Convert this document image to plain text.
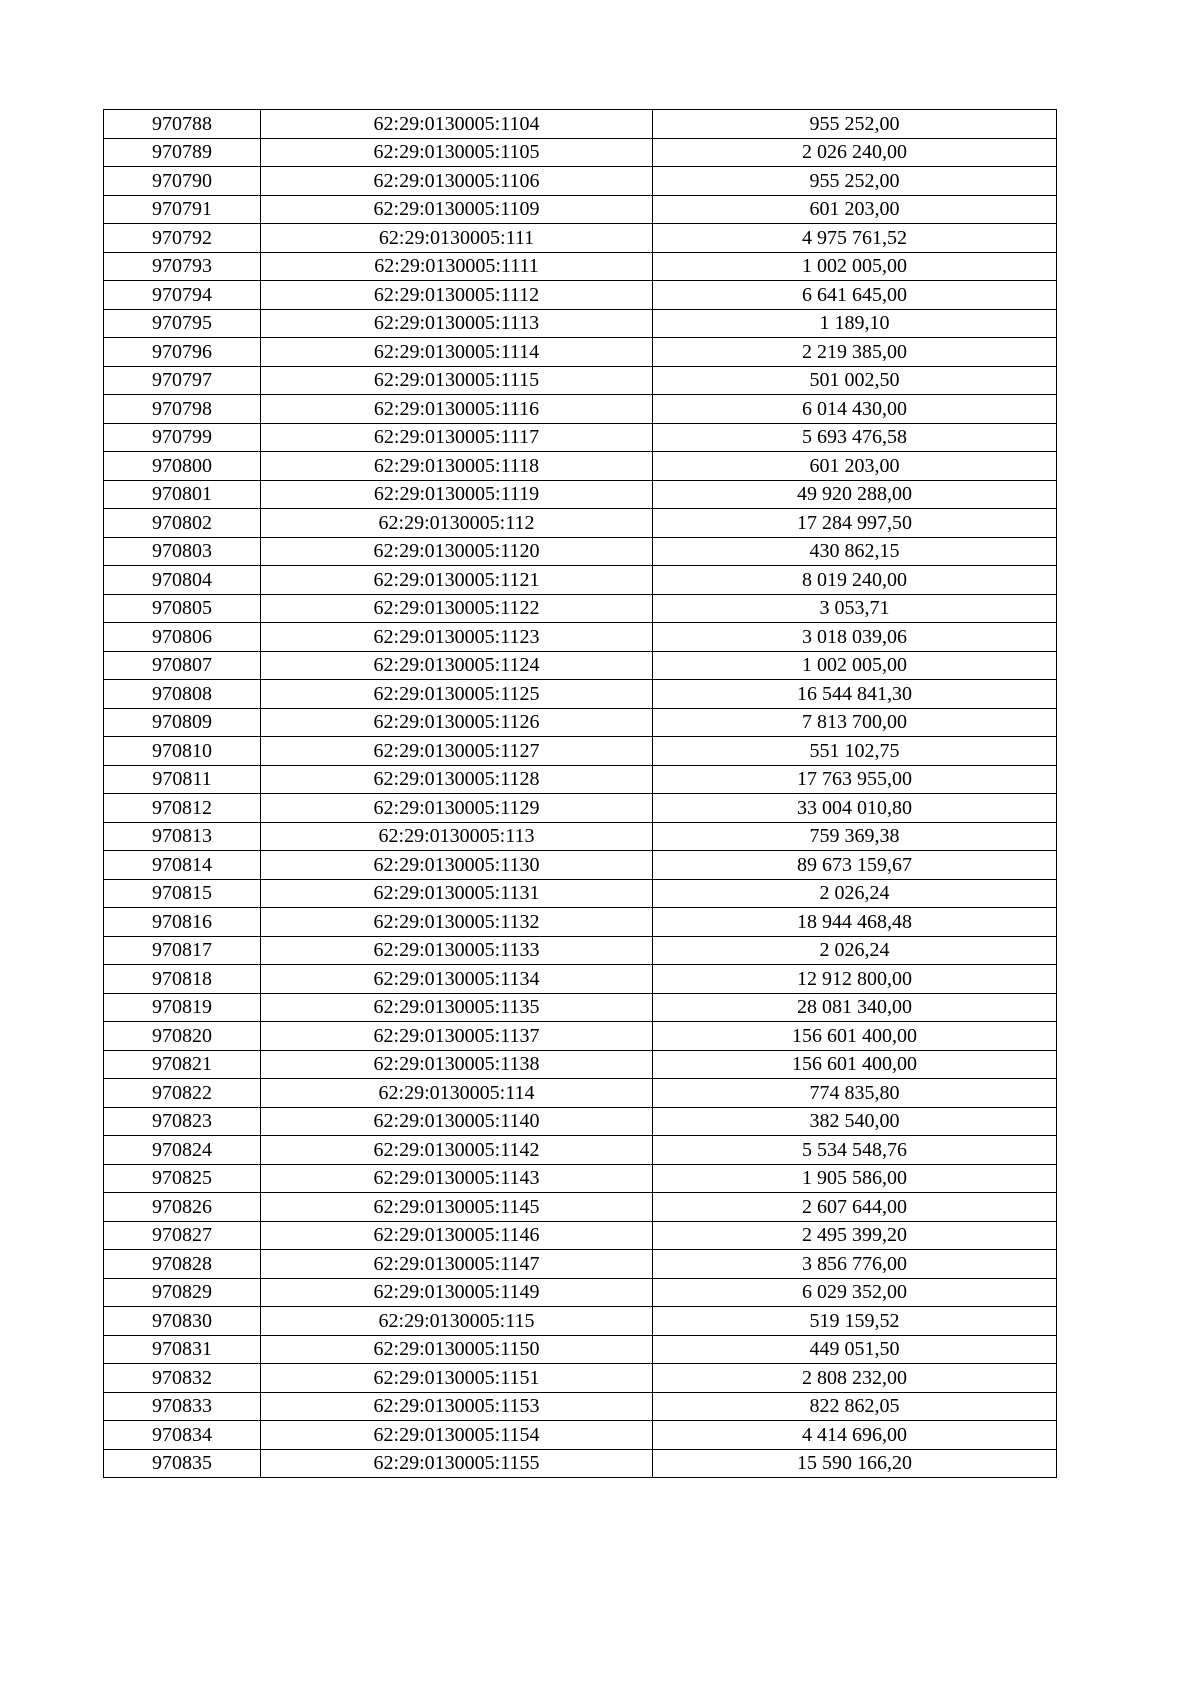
970788	62:29:0130005:1104	955 252,00
970789	62:29:0130005:1105	2 026 240,00
970790	62:29:0130005:1106	955 252,00
970791	62:29:0130005:1109	601 203,00
970792	62:29:0130005:111	4 975 761,52
970793	62:29:0130005:1111	1 002 005,00
970794	62:29:0130005:1112	6 641 645,00
970795	62:29:0130005:1113	1 189,10
970796	62:29:0130005:1114	2 219 385,00
970797	62:29:0130005:1115	501 002,50
970798	62:29:0130005:1116	6 014 430,00
970799	62:29:0130005:1117	5 693 476,58
970800	62:29:0130005:1118	601 203,00
970801	62:29:0130005:1119	49 920 288,00
970802	62:29:0130005:112	17 284 997,50
970803	62:29:0130005:1120	430 862,15
970804	62:29:0130005:1121	8 019 240,00
970805	62:29:0130005:1122	3 053,71
970806	62:29:0130005:1123	3 018 039,06
970807	62:29:0130005:1124	1 002 005,00
970808	62:29:0130005:1125	16 544 841,30
970809	62:29:0130005:1126	7 813 700,00
970810	62:29:0130005:1127	551 102,75
970811	62:29:0130005:1128	17 763 955,00
970812	62:29:0130005:1129	33 004 010,80
970813	62:29:0130005:113	759 369,38
970814	62:29:0130005:1130	89 673 159,67
970815	62:29:0130005:1131	2 026,24
970816	62:29:0130005:1132	18 944 468,48
970817	62:29:0130005:1133	2 026,24
970818	62:29:0130005:1134	12 912 800,00
970819	62:29:0130005:1135	28 081 340,00
970820	62:29:0130005:1137	156 601 400,00
970821	62:29:0130005:1138	156 601 400,00
970822	62:29:0130005:114	774 835,80
970823	62:29:0130005:1140	382 540,00
970824	62:29:0130005:1142	5 534 548,76
970825	62:29:0130005:1143	1 905 586,00
970826	62:29:0130005:1145	2 607 644,00
970827	62:29:0130005:1146	2 495 399,20
970828	62:29:0130005:1147	3 856 776,00
970829	62:29:0130005:1149	6 029 352,00
970830	62:29:0130005:115	519 159,52
970831	62:29:0130005:1150	449 051,50
970832	62:29:0130005:1151	2 808 232,00
970833	62:29:0130005:1153	822 862,05
970834	62:29:0130005:1154	4 414 696,00
970835	62:29:0130005:1155	15 590 166,20
